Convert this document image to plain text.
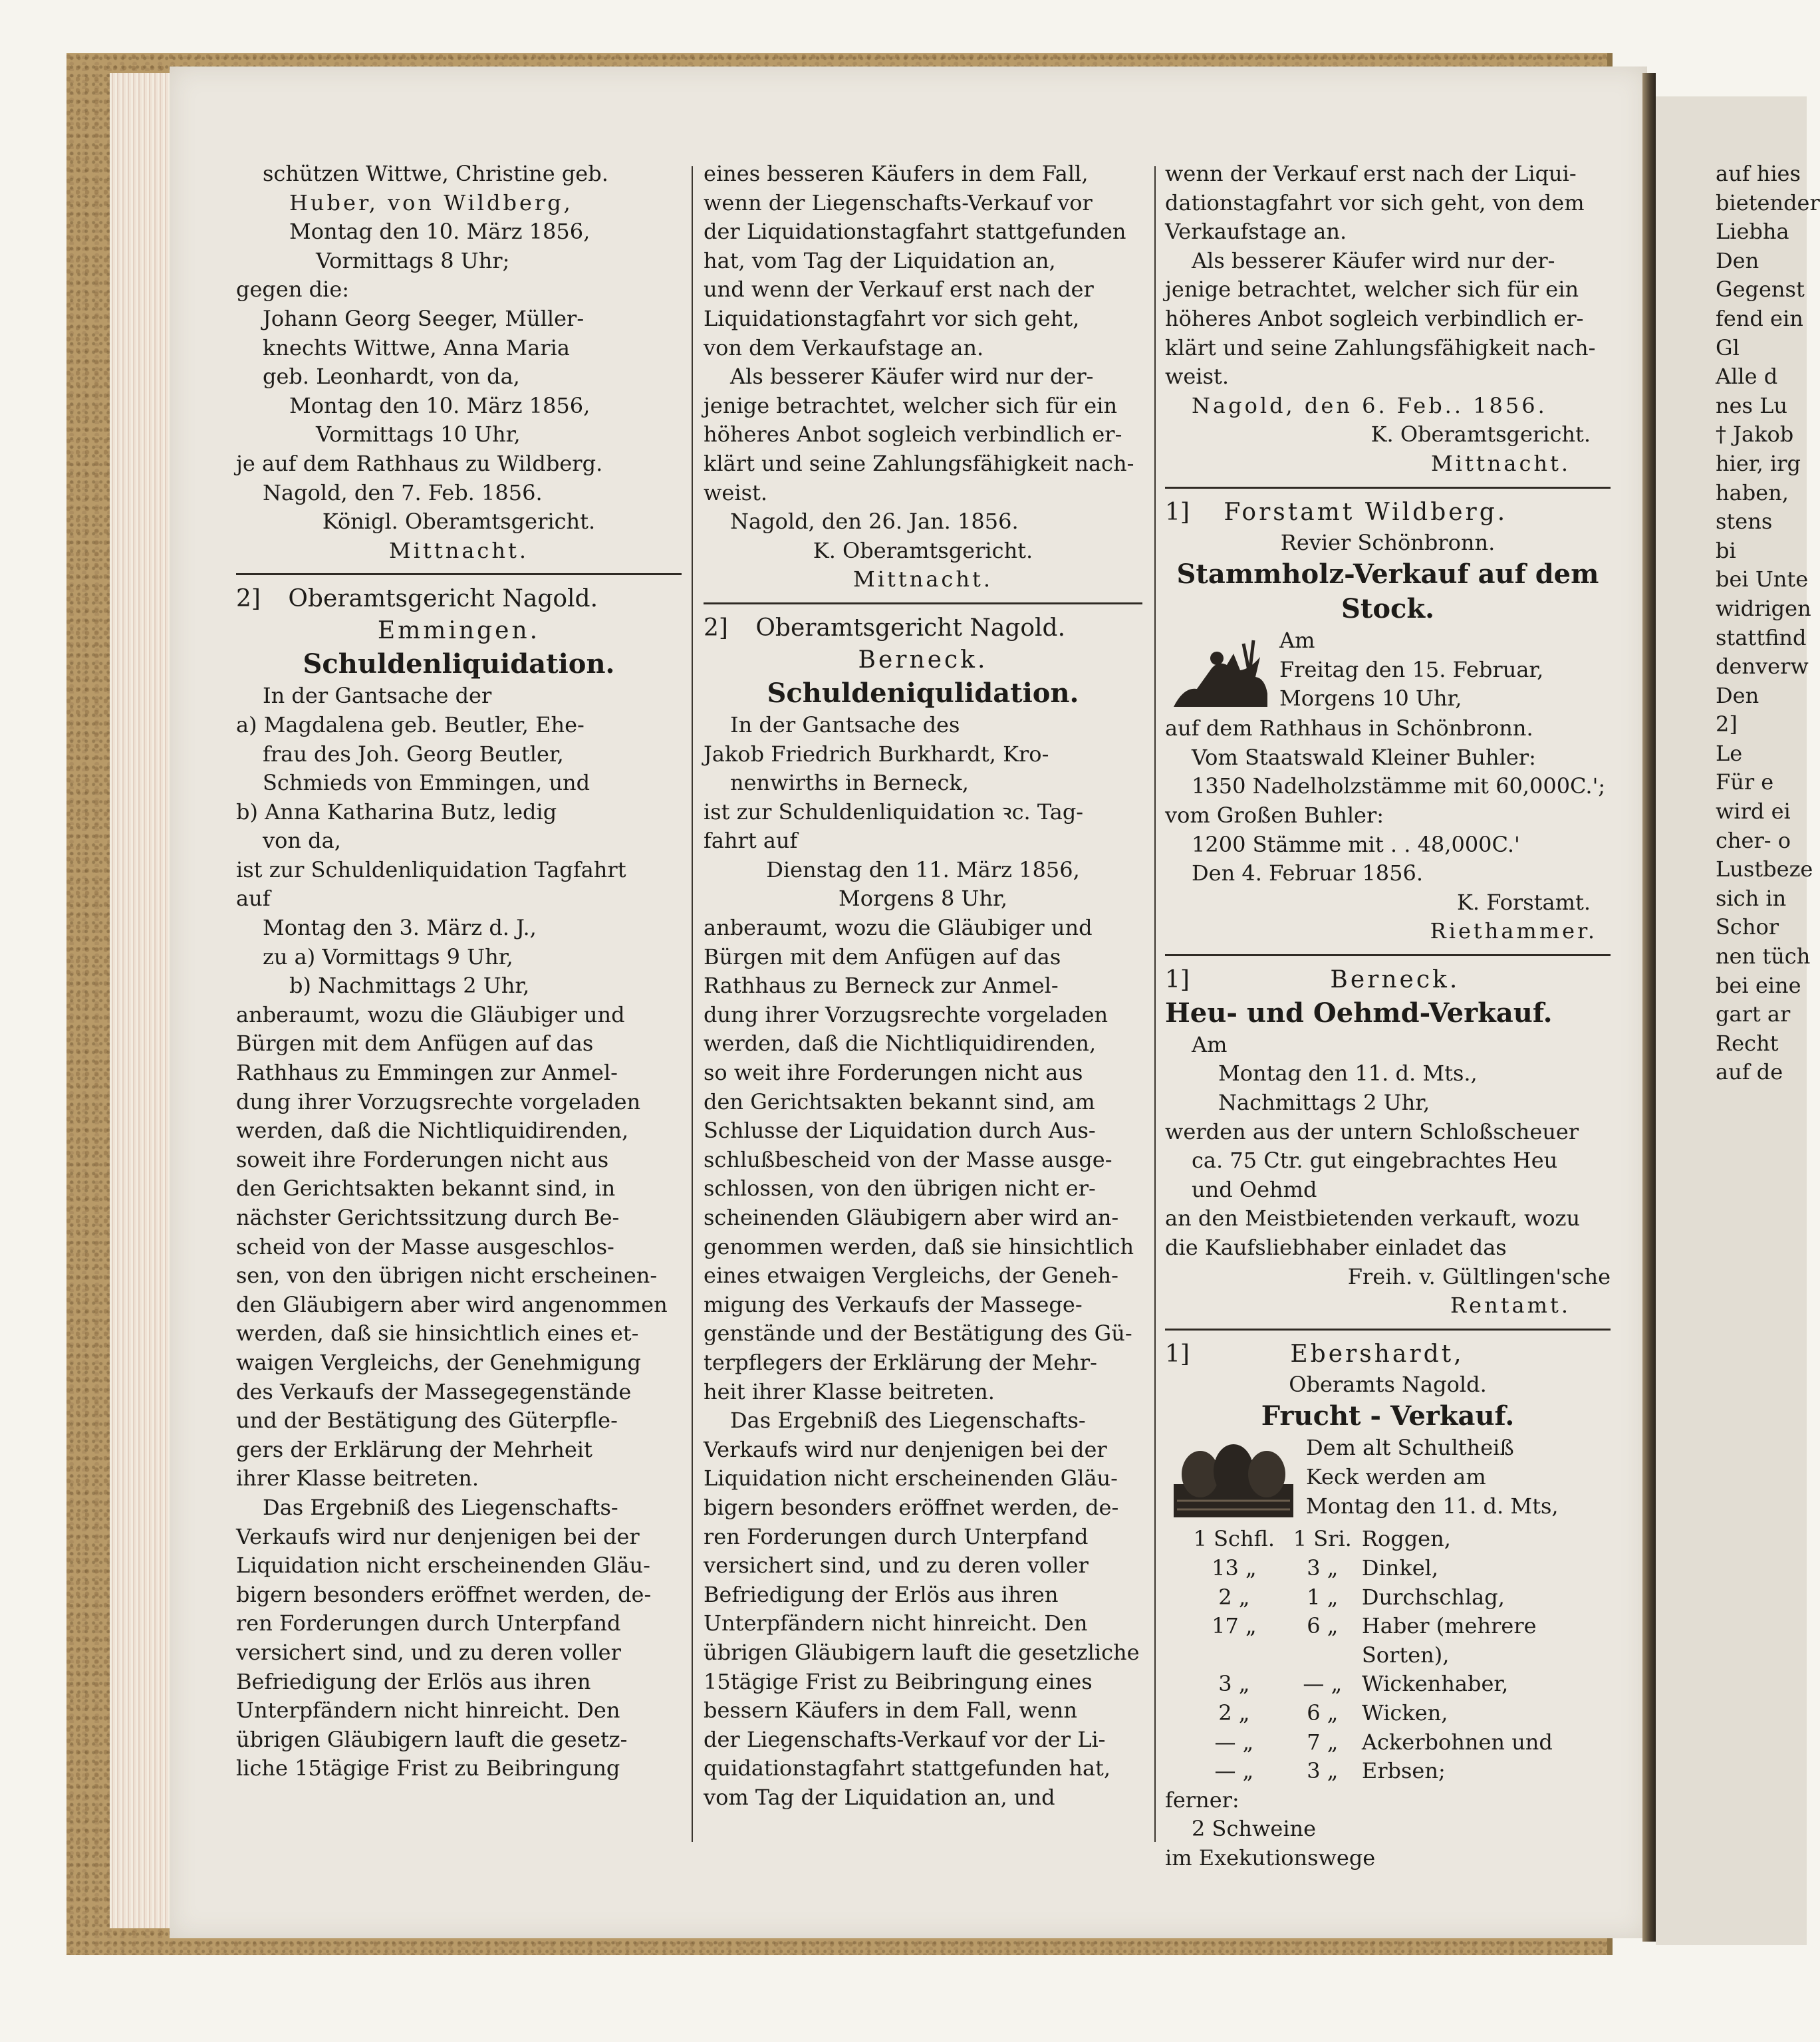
schützen Wittwe, Christine geb.
Huber, von Wildberg,
Montag den 10. März 1856,
Vormittags 8 Uhr;
gegen die:
Johann Georg Seeger, Müller-
knechts Wittwe, Anna Maria
geb. Leonhardt, von da,
Montag den 10. März 1856,
Vormittags 10 Uhr,
je auf dem Rathhaus zu Wildberg.
Nagold, den 7. Feb. 1856.
Königl. Oberamtsgericht.
Mittnacht.
2] Oberamtsgericht Nagold.
Emmingen.
Schuldenliquidation.
In der Gantsache der
a) Magdalena geb. Beutler, Ehe-
frau des Joh. Georg Beutler,
Schmieds von Emmingen, und
b) Anna Katharina Butz, ledig
von da,
ist zur Schuldenliquidation Tagfahrt
auf
Montag den 3. März d. J.,
zu a) Vormittags 9 Uhr,
b) Nachmittags 2 Uhr,
anberaumt, wozu die Gläubiger und
Bürgen mit dem Anfügen auf das
Rathhaus zu Emmingen zur Anmel-
dung ihrer Vorzugsrechte vorgeladen
werden, daß die Nichtliquidirenden,
soweit ihre Forderungen nicht aus
den Gerichtsakten bekannt sind, in
nächster Gerichtssitzung durch Be-
scheid von der Masse ausgeschlos-
sen, von den übrigen nicht erscheinen-
den Gläubigern aber wird angenommen
werden, daß sie hinsichtlich eines et-
waigen Vergleichs, der Genehmigung
des Verkaufs der Massegegenstände
und der Bestätigung des Güterpfle-
gers der Erklärung der Mehrheit
ihrer Klasse beitreten.
Das Ergebniß des Liegenschafts-
Verkaufs wird nur denjenigen bei der
Liquidation nicht erscheinenden Gläu-
bigern besonders eröffnet werden, de-
ren Forderungen durch Unterpfand
versichert sind, und zu deren voller
Befriedigung der Erlös aus ihren
Unterpfändern nicht hinreicht. Den
übrigen Gläubigern lauft die gesetz-
liche 15tägige Frist zu Beibringung
eines besseren Käufers in dem Fall,
wenn der Liegenschafts-Verkauf vor
der Liquidationstagfahrt stattgefunden
hat, vom Tag der Liquidation an,
und wenn der Verkauf erst nach der
Liquidationstagfahrt vor sich geht,
von dem Verkaufstage an.
Als besserer Käufer wird nur der-
jenige betrachtet, welcher sich für ein
höheres Anbot sogleich verbindlich er-
klärt und seine Zahlungsfähigkeit nach-
weist.
Nagold, den 26. Jan. 1856.
K. Oberamtsgericht.
Mittnacht.
2] Oberamtsgericht Nagold.
Berneck.
Schuldeniqulidation.
In der Gantsache des
Jakob Friedrich Burkhardt, Kro-
nenwirths in Berneck,
ist zur Schuldenliquidation ꝛc. Tag-
fahrt auf
Dienstag den 11. März 1856,
Morgens 8 Uhr,
anberaumt, wozu die Gläubiger und
Bürgen mit dem Anfügen auf das
Rathhaus zu Berneck zur Anmel-
dung ihrer Vorzugsrechte vorgeladen
werden, daß die Nichtliquidirenden,
so weit ihre Forderungen nicht aus
den Gerichtsakten bekannt sind, am
Schlusse der Liquidation durch Aus-
schlußbescheid von der Masse ausge-
schlossen, von den übrigen nicht er-
scheinenden Gläubigern aber wird an-
genommen werden, daß sie hinsichtlich
eines etwaigen Vergleichs, der Geneh-
migung des Verkaufs der Massege-
genstände und der Bestätigung des Gü-
terpflegers der Erklärung der Mehr-
heit ihrer Klasse beitreten.
Das Ergebniß des Liegenschafts-
Verkaufs wird nur denjenigen bei der
Liquidation nicht erscheinenden Gläu-
bigern besonders eröffnet werden, de-
ren Forderungen durch Unterpfand
versichert sind, und zu deren voller
Befriedigung der Erlös aus ihren
Unterpfändern nicht hinreicht. Den
übrigen Gläubigern lauft die gesetzliche
15tägige Frist zu Beibringung eines
bessern Käufers in dem Fall, wenn
der Liegenschafts-Verkauf vor der Li-
quidationstagfahrt stattgefunden hat,
vom Tag der Liquidation an, und
wenn der Verkauf erst nach der Liqui-
dationstagfahrt vor sich geht, von dem
Verkaufstage an.
Als besserer Käufer wird nur der-
jenige betrachtet, welcher sich für ein
höheres Anbot sogleich verbindlich er-
klärt und seine Zahlungsfähigkeit nach-
weist.
Nagold, den 6. Feb.. 1856.
K. Oberamtsgericht.
Mittnacht.
1] Forstamt Wildberg.
Revier Schönbronn.
Stammholz-Verkauf auf dem Stock.
Am
Freitag den 15. Februar,
Morgens 10 Uhr,
auf dem Rathhaus in Schönbronn.
Vom Staatswald Kleiner Buhler:
1350 Nadelholzstämme mit 60,000C.';
vom Großen Buhler:
1200 Stämme mit . . 48,000C.'
Den 4. Februar 1856.
K. Forstamt.
Riethammer.
1]	Berneck.
Heu- und Oehmd-Verkauf.
Am
Montag den 11. d. Mts.,
Nachmittags 2 Uhr,
werden aus der untern Schloßscheuer
ca. 75 Ctr. gut eingebrachtes Heu
und Oehmd
an den Meistbietenden verkauft, wozu
die Kaufsliebhaber einladet das
Freih. v. Gültlingen'sche
Rentamt.
1]	Ebershardt,
Oberamts Nagold.
Frucht - Verkauf.
Dem alt Schultheiß
Keck werden am
Montag den 11. d. Mts,
1 Schfl. 1 Sri. Roggen,
13 „	3 „	Dinkel,
2 „	1 „	Durchschlag,
17 „	6 „	Haber (mehrere
Sorten),
3 „	— „ Wickenhaber,
2 „	6 „	Wicken,
— „	7 „	Ackerbohnen und
— „	3 „	Erbsen;
ferner:
2 Schweine
im Exekutionswege
auf hies
bietender
Liebha
Den
Gegenst
fend ein
Gl
Alle d
nes Lu
† Jakob
hier, irg
haben,
stens
bi
bei Unte
widrigen
stattfind
denverw
Den
2]
Le
Für e
wird ei
cher- o
Lustbeze
sich in
Schor
nen tüch
bei eine
gart ar
Recht
auf de
